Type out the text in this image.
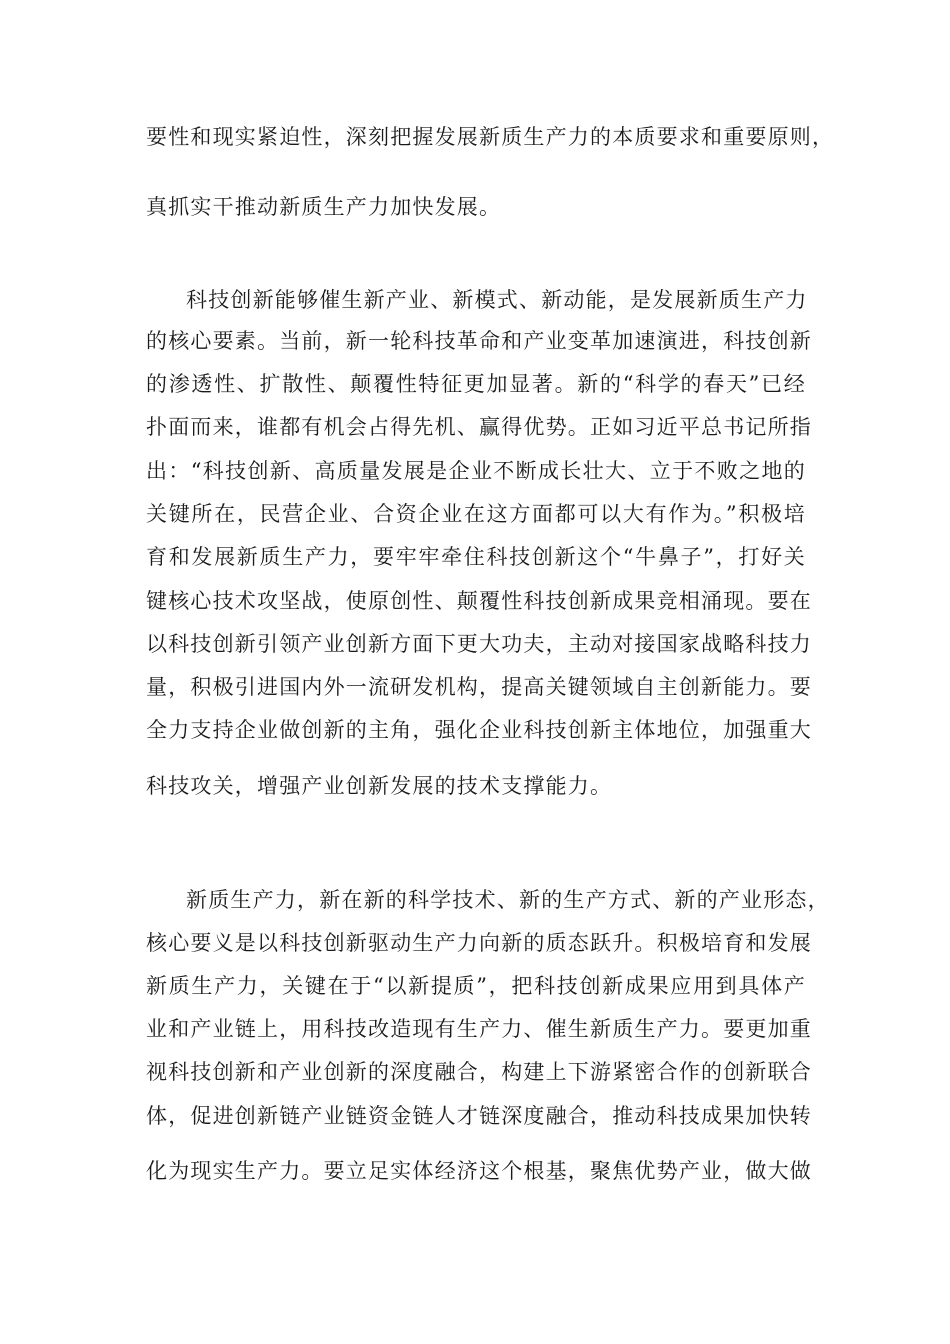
要性和现实紧迫性，深刻把握发展新质生产力的本质要求和重要原则，
真抓实干推动新质生产力加快发展。
科技创新能够催生新产业、新模式、新动能，是发展新质生产力
的核心要素。当前，新一轮科技革命和产业变革加速演进，科技创新
的渗透性、扩散性、颠覆性特征更加显著。新的“科学的春天”已经
扑面而来，谁都有机会占得先机、赢得优势。正如习近平总书记所指
出：“科技创新、高质量发展是企业不断成长壮大、立于不败之地的
关键所在，民营企业、合资企业在这方面都可以大有作为。”积极培
育和发展新质生产力，要牢牢牵住科技创新这个“牛鼻子”，打好关
键核心技术攻坚战，使原创性、颠覆性科技创新成果竞相涌现。要在
以科技创新引领产业创新方面下更大功夫，主动对接国家战略科技力
量，积极引进国内外一流研发机构，提高关键领域自主创新能力。要
全力支持企业做创新的主角，强化企业科技创新主体地位，加强重大
科技攻关，增强产业创新发展的技术支撑能力。
新质生产力，新在新的科学技术、新的生产方式、新的产业形态，
核心要义是以科技创新驱动生产力向新的质态跃升。积极培育和发展
新质生产力，关键在于“以新提质”，把科技创新成果应用到具体产
业和产业链上，用科技改造现有生产力、催生新质生产力。要更加重
视科技创新和产业创新的深度融合，构建上下游紧密合作的创新联合
体，促进创新链产业链资金链人才链深度融合，推动科技成果加快转
化为现实生产力。要立足实体经济这个根基，聚焦优势产业，做大做
